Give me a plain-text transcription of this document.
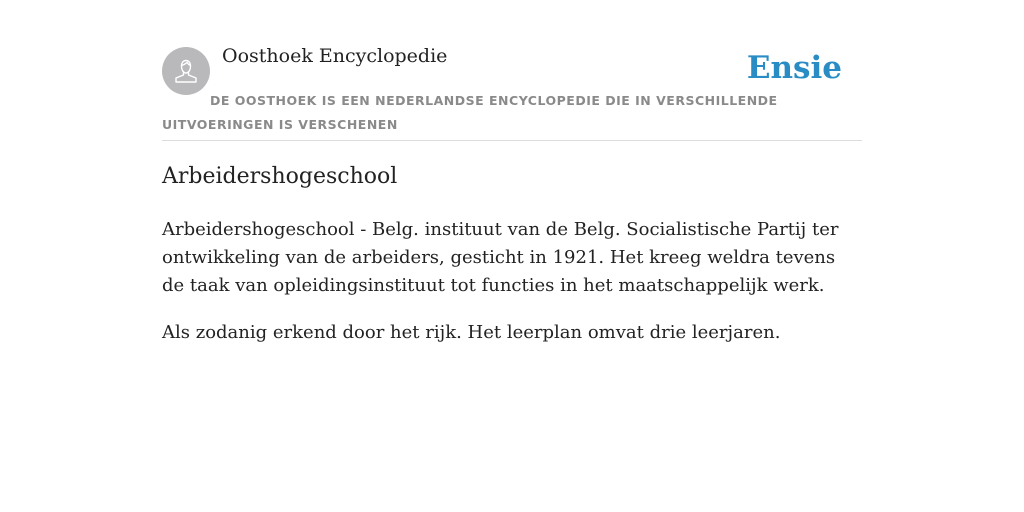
Oosthoek Encyclopedie	Ensie
DE OOSTHOEK IS EEN NEDERLANDSE ENCYCLOPEDIE DIE IN VERSCHILLENDE UITVOERINGEN IS VERSCHENEN
Arbeidershogeschool

Arbeidershogeschool - Belg. instituut van de Belg. Socialistische Partij ter ontwikkeling van de arbeiders, gesticht in 1921. Het kreeg weldra tevens de taak van opleidingsinstituut tot functies in het maatschappelijk werk.

Als zodanig erkend door het rijk. Het leerplan omvat drie leerjaren.
